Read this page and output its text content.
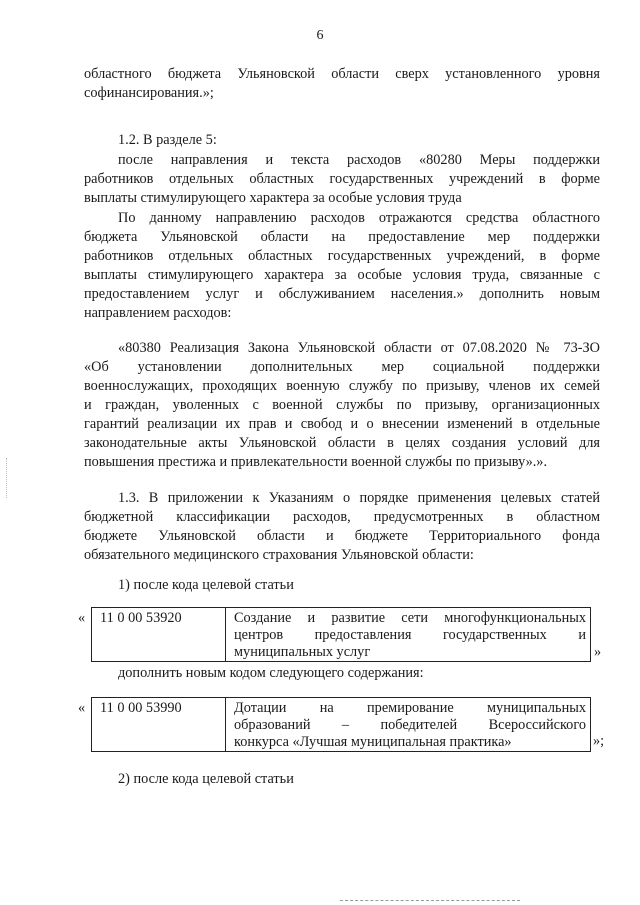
6
областного бюджета Ульяновской области сверх установленного уровня
софинансирования.»;
1.2. В разделе 5:
после направления и текста расходов «80280 Меры поддержки
работников отдельных областных государственных учреждений в форме
выплаты стимулирующего характера за особые условия труда
По данному направлению расходов отражаются средства областного
бюджета Ульяновской области на предоставление мер поддержки
работников отдельных областных государственных учреждений, в форме
выплаты стимулирующего характера за особые условия труда, связанные с
предоставлением услуг и обслуживанием населения.» дополнить новым
направлением расходов:
«80380 Реализация Закона Ульяновской области от 07.08.2020 № 73-ЗО
«Об установлении дополнительных мер социальной поддержки
военнослужащих, проходящих военную службу по призыву, членов их семей
и граждан, уволенных с военной службы по призыву, организационных
гарантий реализации их прав и свобод и о внесении изменений в отдельные
законодательные акты Ульяновской области в целях создания условий для
повышения престижа и привлекательности военной службы по призыву».».
1.3. В приложении к Указаниям о порядке применения целевых статей
бюджетной классификации расходов, предусмотренных в областном
бюджете Ульяновской области и бюджете Территориального фонда
обязательного медицинского страхования Ульяновской области:
1) после кода целевой статьи
«	11 0 00 53920	Создание и развитие сети многофункциональных
центров предоставления государственных и
муниципальных услуг	»
дополнить новым кодом следующего содержания:
«	11 0 00 53990	Дотации на премирование муниципальных
образований – победителей Всероссийского
конкурса «Лучшая муниципальная практика»	»;
2) после кода целевой статьи
